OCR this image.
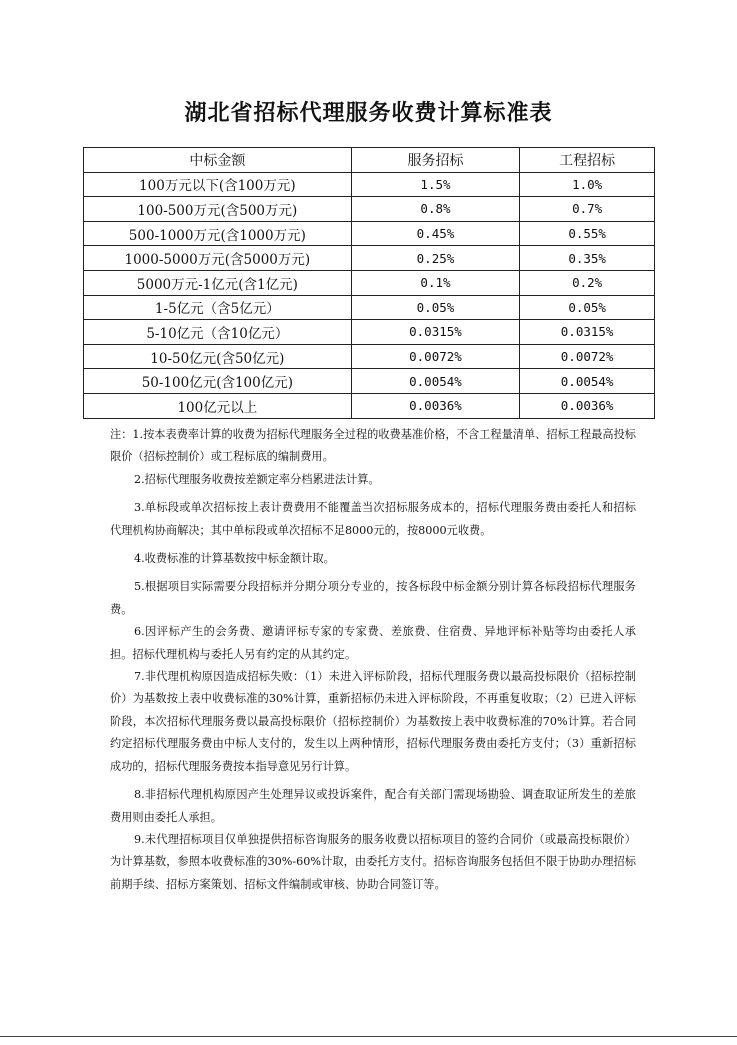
湖北省招标代理服务收费计算标准表
中标金额	服务招标	工程招标
100万元以下(含100万元)	1.5%	1.0%
100-500万元(含500万元)	0.8%	0.7%
500-1000万元(含1000万元)	0.45%	0.55%
1000-5000万元(含5000万元)	0.25%	0.35%
5000万元-1亿元(含1亿元)	0.1%	0.2%
1-5亿元（含5亿元）	0.05%	0.05%
5-10亿元（含10亿元）	0.0315%	0.0315%
10-50亿元(含50亿元)	0.0072%	0.0072%
50-100亿元(含100亿元)	0.0054%	0.0054%
100亿元以上	0.0036%	0.0036%

注：1.按本表费率计算的收费为招标代理服务全过程的收费基准价格，不含工程量清单、招标工程最高投标限价（招标控制价）或工程标底的编制费用。

2.招标代理服务收费按差额定率分档累进法计算。

3.单标段或单次招标按上表计费费用不能覆盖当次招标服务成本的，招标代理服务费由委托人和招标代理机构协商解决；其中单标段或单次招标不足8000元的，按8000元收费。

4.收费标准的计算基数按中标金额计取。

5.根据项目实际需要分段招标并分期分项分专业的，按各标段中标金额分别计算各标段招标代理服务费。

6.因评标产生的会务费、邀请评标专家的专家费、差旅费、住宿费、异地评标补贴等均由委托人承担。招标代理机构与委托人另有约定的从其约定。

7.非代理机构原因造成招标失败：（1）未进入评标阶段，招标代理服务费以最高投标限价（招标控制价）为基数按上表中收费标准的30%计算，重新招标仍未进入评标阶段，不再重复收取；（2）已进入评标阶段，本次招标代理服务费以最高投标限价（招标控制价）为基数按上表中收费标准的70%计算。若合同约定招标代理服务费由中标人支付的，发生以上两种情形，招标代理服务费由委托方支付；（3）重新招标成功的，招标代理服务费按本指导意见另行计算。

8.非招标代理机构原因产生处理异议或投诉案件，配合有关部门需现场勘验、调查取证所发生的差旅费用则由委托人承担。

9.未代理招标项目仅单独提供招标咨询服务的服务收费以招标项目的签约合同价（或最高投标限价）为计算基数，参照本收费标准的30%-60%计取，由委托方支付。招标咨询服务包括但不限于协助办理招标前期手续、招标方案策划、招标文件编制或审核、协助合同签订等。
